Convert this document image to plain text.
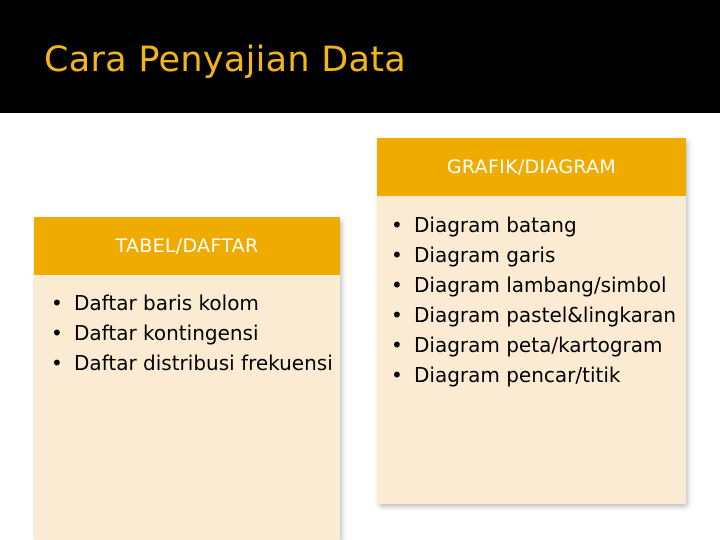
Cara Penyajian Data
TABEL/DAFTAR
• Daftar baris kolom
• Daftar kontingensi
• Daftar distribusi frekuensi
GRAFIK/DIAGRAM
• Diagram batang
• Diagram garis
• Diagram lambang/simbol
• Diagram pastel&lingkaran
• Diagram peta/kartogram
• Diagram pencar/titik
